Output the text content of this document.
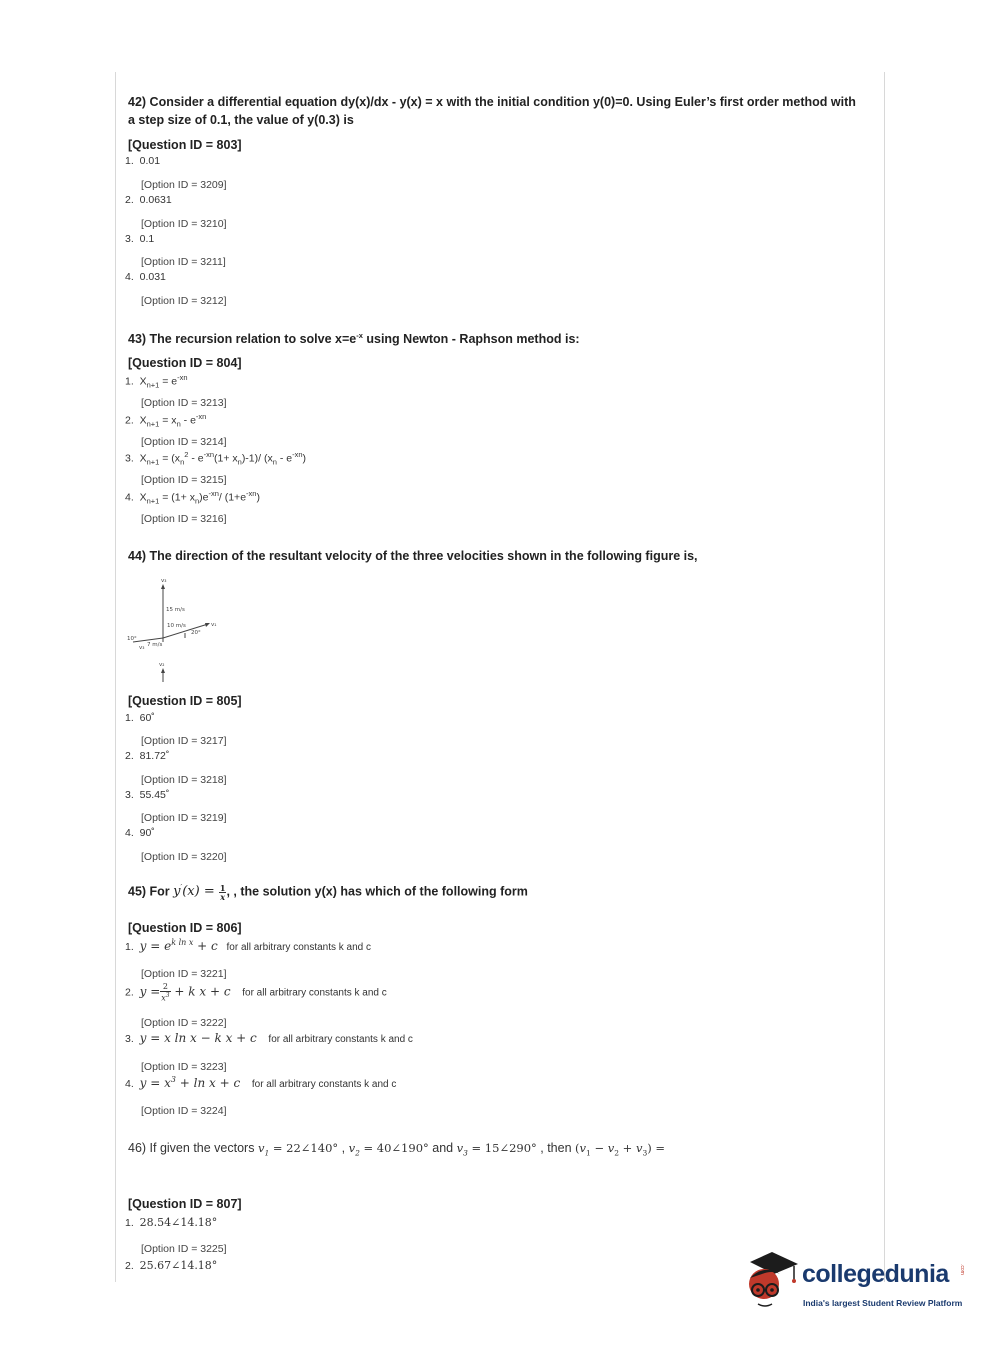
42) Consider a differential equation dy(x)/dx - y(x) = x with the initial condition y(0)=0. Using Euler’s first order method with a step size of 0.1, the value of y(0.3) is
[Question ID = 803]
1. 0.01
[Option ID = 3209]
2. 0.0631
[Option ID = 3210]
3. 0.1
[Option ID = 3211]
4. 0.031
[Option ID = 3212]
43) The recursion relation to solve $x=e^{-x}$ using Newton - Raphson method is:
[Question ID = 804]
1.  $X_{n+1} = e^{-xn}$
[Option ID = 3213]
2.  $X_{n+1} = x_n - e^{-xn}$
[Option ID = 3214]
3.  $X_{n+1} = (x_n^2 - e^{-xn}(1+ x_n)-1)/$ $(x_n - e^{-xn})$
[Option ID = 3215]
4.  $X_{n+1} = (1+ x_n)e^{-xn}/$ $(1+e^{-xn})$
[Option ID = 3216]
44) The direction of the resultant velocity of the three velocities shown in the following figure is,
v₃
15 m/s
10 m/s	v₁
20°
10°
7 m/s
v₃
v₂
[Question ID = 805]
1. 60˚
[Option ID = 3217]
2. 81.72˚
[Option ID = 3218]
3. 55.45˚
[Option ID = 3219]
4. 90˚
[Option ID = 3220]
45) For $y'(x) = \frac{1}{x}$ , , the solution y(x) has which of the following form
[Question ID = 806]
1. $y = e^{k ln x} + c$ for all arbitrary constants k and c
[Option ID = 3221]
2. $y = \frac{2}{x^3} + k$ x + c for all arbitrary constants k and c
[Option ID = 3222]
3. y = x ln x − k x + c for all arbitrary constants k and c
[Option ID = 3223]
4. $y = x^3 + \ln x + c$ for all arbitrary constants k and c
[Option ID = 3224]
46) If given the vectors $v_1$ = 22∠140° , $v_2$ = 40∠190° and $v_3$ = 15∠290° , then $(v_1 - v_2 + v_3)$ =
[Question ID = 807]
1. 28.54∠14.18°
[Option ID = 3225]
2. 25.67∠14.18°	collegedunia .com
India's largest Student Review Platform
